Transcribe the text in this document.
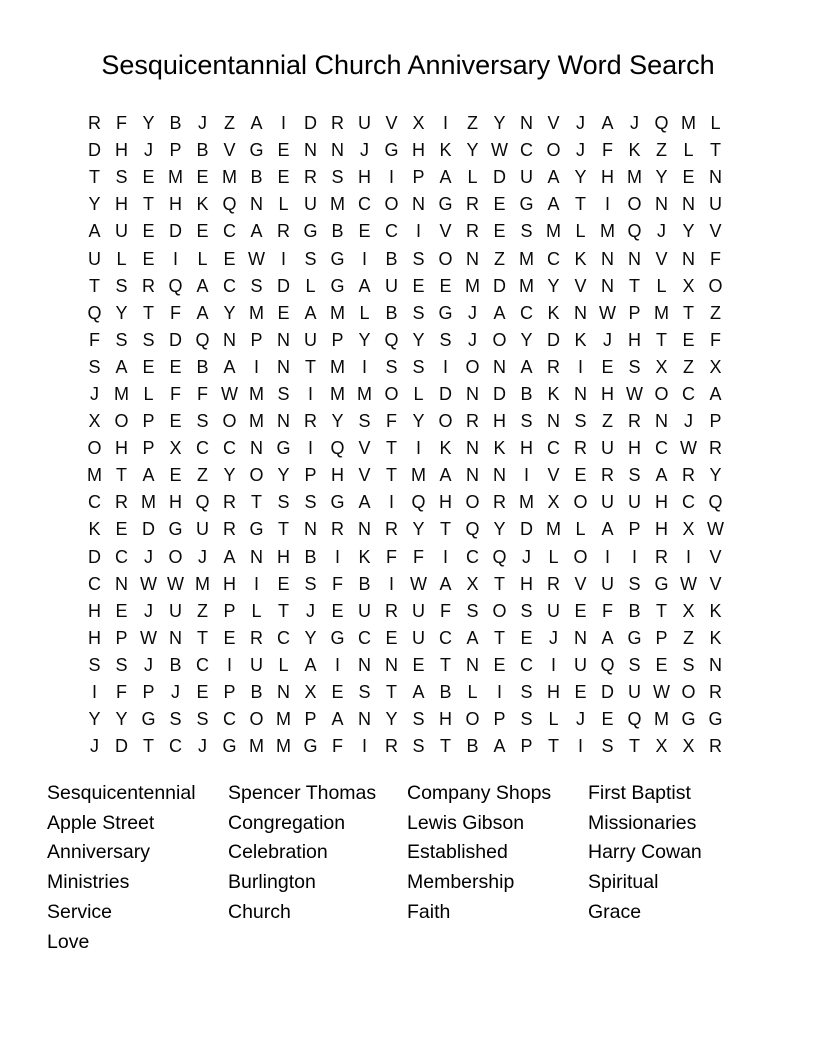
Sesquicentannial Church Anniversary Word Search
R F Y B J Z A	I	D R U V X	I	Z Y N V J A J Q M L
D H J P B V G E N N J G H K Y W C O J F K Z L T
T S E M E M B E R S H I	P A L D U A Y H M Y E N
Y H T H K Q N L U M C O N G R E G A T	I O N N U
A U E D E C A R G B E C I	V R E S M L M Q J Y V
U L E	I	L E W I	S G I	B S O N Z M C K N N V N F
T S R Q A C S D L G A U E E M D M Y V N T L X O
Q Y T F A Y M E A M L B S G J A C K N W P M T Z
F S S D Q N P N U P Y Q Y S J O Y D K J H T E F
S A E E B A	I	N T M I	S S	I O N A R I	E S X Z X
J M L F F W M S	I M M O L D N D B K N H W O C A
X O P E S O M N R Y S F Y O R H S N S Z R N J P
O H P X C C N G I Q V T	I	K N K H C R U H C W R
M T A E Z Y O Y P H V T M A N N I	V E R S A R Y
C R M H Q R T S S G A	I Q H O R M X O U U H C Q
K E D G U R G T N R N R Y T Q Y D M L A P H X W
D C J O J A N H B	I	K F F	I	C Q J L O I	I	R I	V
C N W W M H I	E S F B	I W A X T H R V U S G W V
H E J U Z P L T J E U R U F S O S U E F B T X K
H P W N T E R C Y G C E U C A T E J N A G P Z K
S S J B C I	U L A	I	N N E T N E C I	U Q S E S N
I	F P J E P B N X E S T A B L	I	S H E D U W O R
Y Y G S S C O M P A N Y S H O P S L J E Q M G G
J D T C J G M M G F	I	R S T B A P T	I	S T X X R
Sesquicentennial
Apple Street
Anniversary
Ministries
Service
Love
Spencer Thomas
Congregation
Celebration
Burlington
Church
Company Shops
Lewis Gibson
Established
Membership
Faith
First Baptist
Missionaries
Harry Cowan
Spiritual
Grace
